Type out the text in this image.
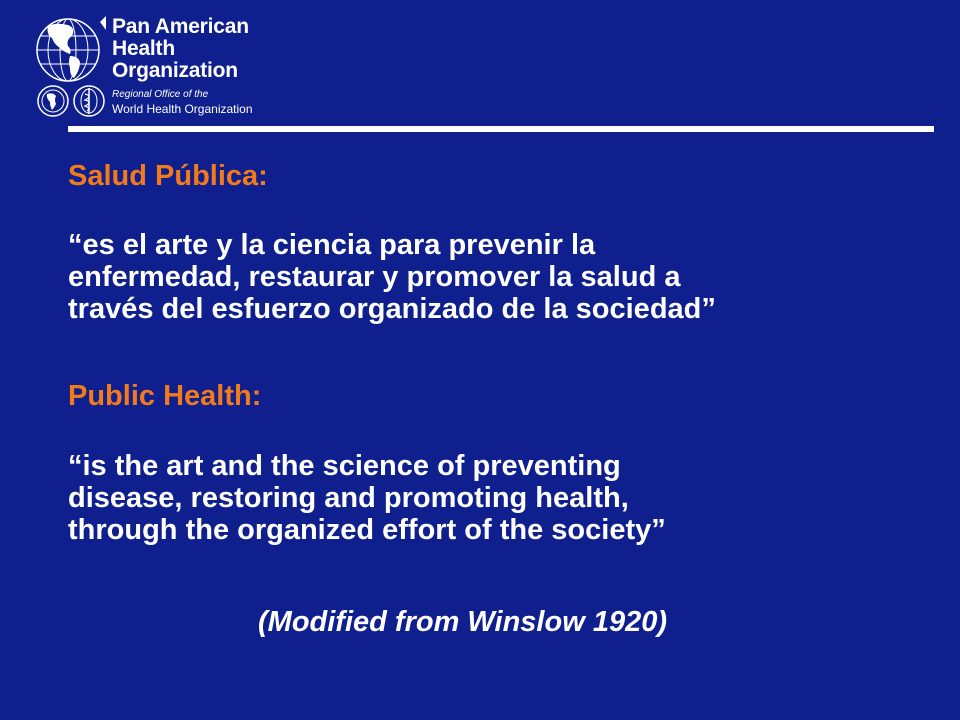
Pan American
Health
Organization
Regional Office of the
World Health Organization
Salud Pública:
“es el arte y la ciencia para prevenir la
enfermedad, restaurar y promover la salud a
través del esfuerzo organizado de la sociedad”
Public Health:
“is the art and the science of preventing
disease, restoring and promoting health,
through the organized effort of the society”
(Modified from Winslow 1920)
